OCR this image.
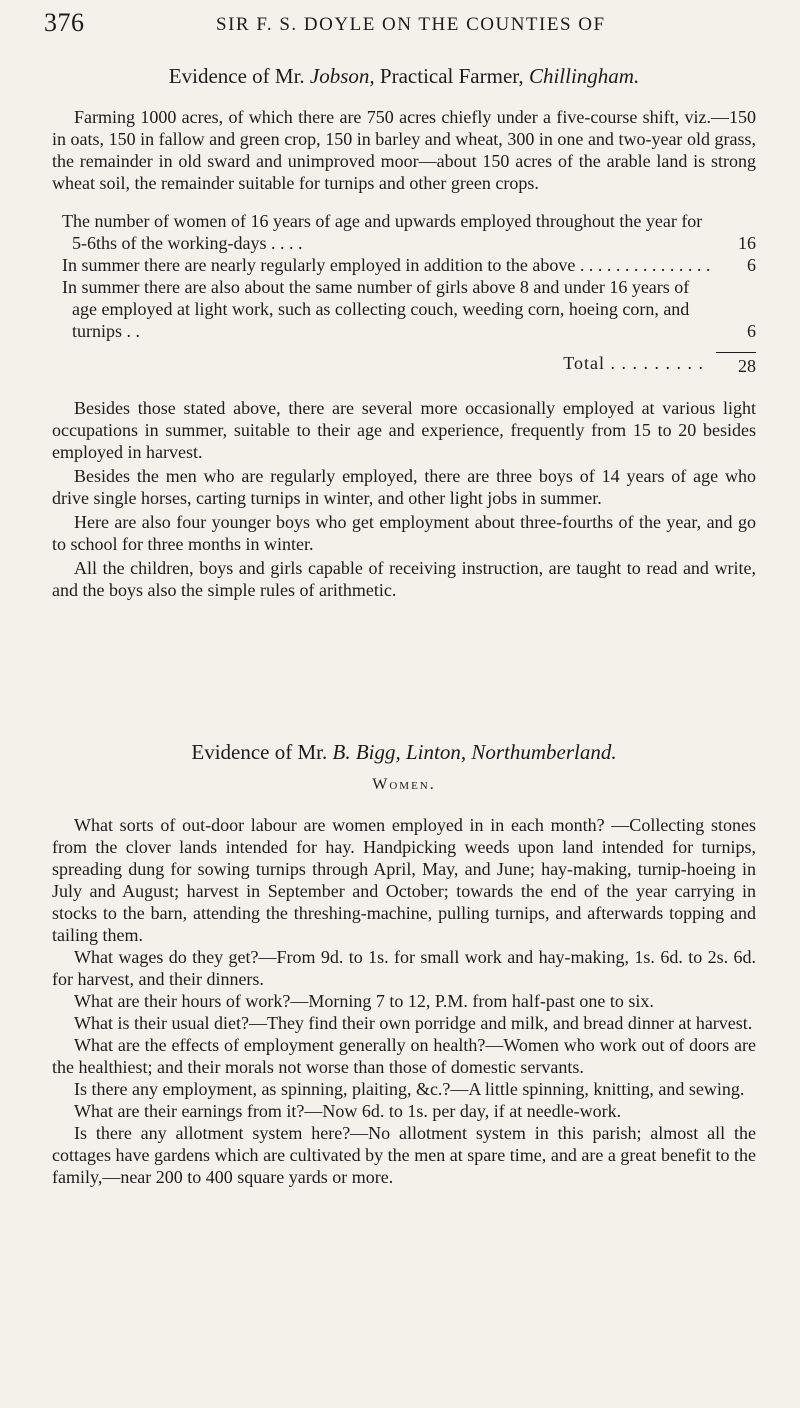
376	SIR F. S. DOYLE ON THE COUNTIES OF
Evidence of Mr. Jobson, Practical Farmer, Chillingham.

Farming 1000 acres, of which there are 750 acres chiefly under a five-course shift, viz.—150 in oats, 150 in fallow and green crop, 150 in barley and wheat, 300 in one and two-year old grass, the remainder in old sward and unimproved moor—about 150 acres of the arable land is strong wheat soil, the remainder suitable for turnips and other green crops.

The number of women of 16 years of age and upwards employed throughout the year for 5-6ths of the working-days . . . .	16
In summer there are nearly regularly employed in addition to the above . . . . . . . . . . . . . . .	6
In summer there are also about the same number of girls above 8 and under 16 years of age employed at light work, such as collecting couch, weeding corn, hoeing corn, and turnips . .	6
Total . . . . . . . . .	28

Besides those stated above, there are several more occasionally employed at various light occupations in summer, suitable to their age and experience, frequently from 15 to 20 besides employed in harvest.

Besides the men who are regularly employed, there are three boys of 14 years of age who drive single horses, carting turnips in winter, and other light jobs in summer.

Here are also four younger boys who get employment about three-fourths of the year, and go to school for three months in winter.

All the children, boys and girls capable of receiving instruction, are taught to read and write, and the boys also the simple rules of arithmetic.

Evidence of Mr. B. Bigg, Linton, Northumberland.
Women.

What sorts of out-door labour are women employed in in each month? —Collecting stones from the clover lands intended for hay. Handpicking weeds upon land intended for turnips, spreading dung for sowing turnips through April, May, and June; hay-making, turnip-hoeing in July and August; harvest in September and October; towards the end of the year carrying in stocks to the barn, attending the threshing-machine, pulling turnips, and afterwards topping and tailing them.

What wages do they get?—From 9d. to 1s. for small work and hay-making, 1s. 6d. to 2s. 6d. for harvest, and their dinners.

What are their hours of work?—Morning 7 to 12, P.M. from half-past one to six.

What is their usual diet?—They find their own porridge and milk, and bread dinner at harvest.

What are the effects of employment generally on health?—Women who work out of doors are the healthiest; and their morals not worse than those of domestic servants.

Is there any employment, as spinning, plaiting, &c.?—A little spinning, knitting, and sewing.

What are their earnings from it?—Now 6d. to 1s. per day, if at needle-work.

Is there any allotment system here?—No allotment system in this parish; almost all the cottages have gardens which are cultivated by the men at spare time, and are a great benefit to the family,—near 200 to 400 square yards or more.
